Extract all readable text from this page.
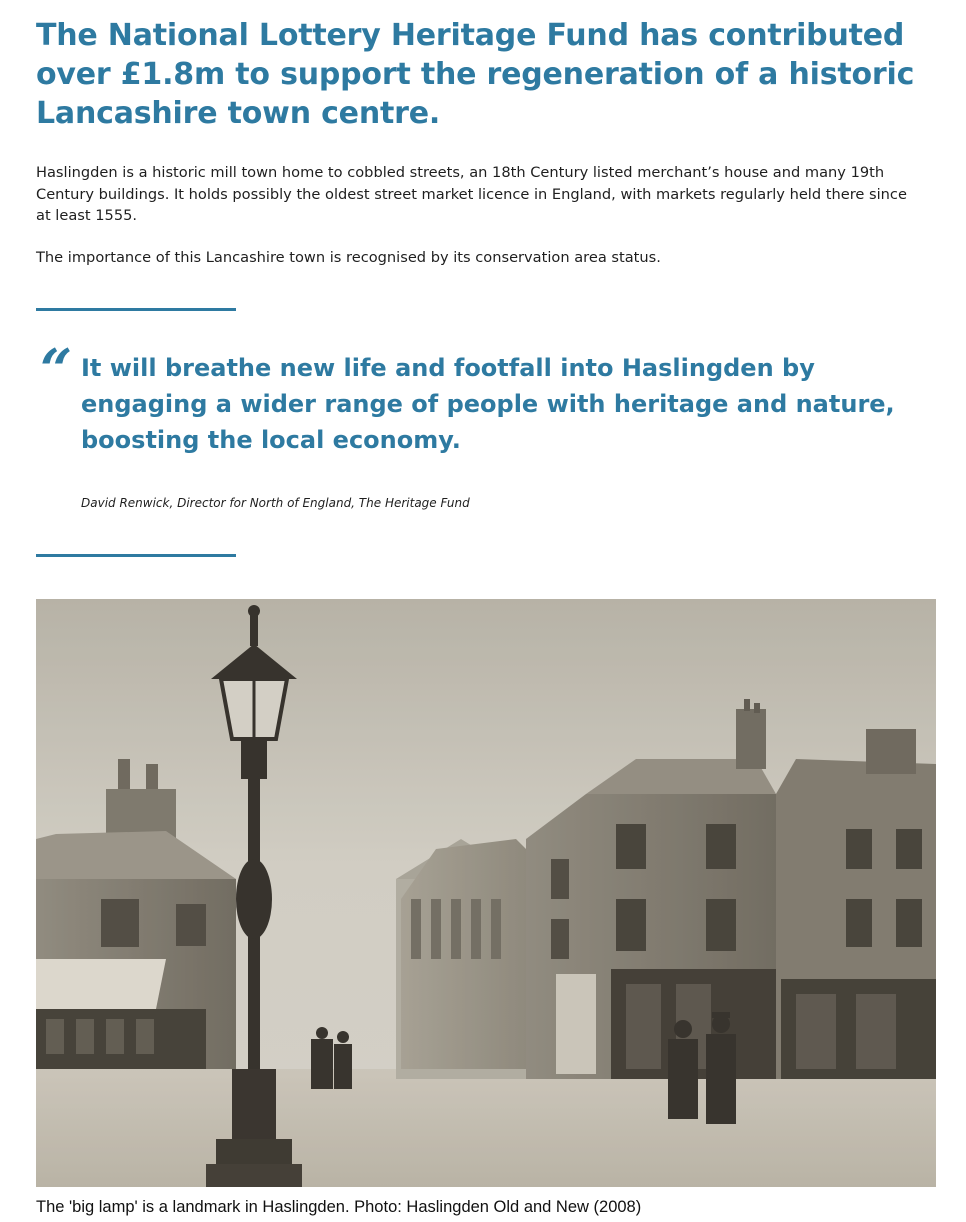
The National Lottery Heritage Fund has contributed over £1.8m to support the regeneration of a historic Lancashire town centre.

Haslingden is a historic mill town home to cobbled streets, an 18th Century listed merchant’s house and many 19th Century buildings. It holds possibly the oldest street market licence in England, with markets regularly held there since at least 1555.

The importance of this Lancashire town is recognised by its conservation area status.

“ It will breathe new life and footfall into Haslingden by engaging a wider range of people with heritage and nature, boosting the local economy.

David Renwick, Director for North of England, The Heritage Fund

The 'big lamp' is a landmark in Haslingden. Photo: Haslingden Old and New (2008)
